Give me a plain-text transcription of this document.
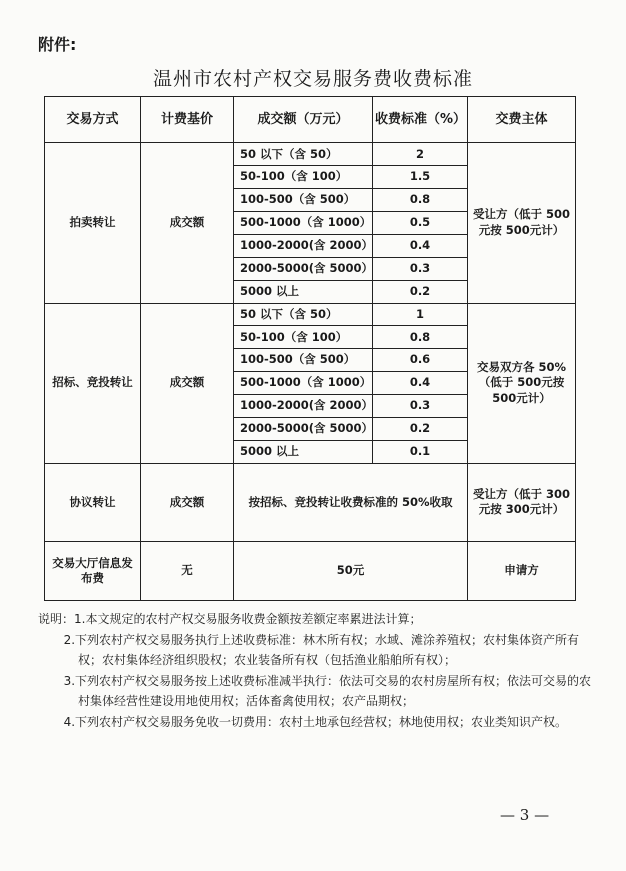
附件:
温州市农村产权交易服务费收费标准
交易方式	计费基价	成交额（万元）	收费标准（%）	交费主体
拍卖转让	成交额	50 以下（含 50）	2	受让方（低于 500元按 500元计）
		50-100（含 100）	1.5	
		100-500（含 500）	0.8	
		500-1000（含 1000）	0.5	
		1000-2000(含 2000）	0.4	
		2000-5000(含 5000）	0.3	
		5000 以上	0.2	
招标、竞投转让	成交额	50 以下（含 50）	1	交易双方各 50%（低于 500元按 500元计）
		50-100（含 100）	0.8	
		100-500（含 500）	0.6	
		500-1000（含 1000）	0.4	
		1000-2000(含 2000）	0.3	
		2000-5000(含 5000）	0.2	
		5000 以上	0.1	
协议转让	成交额	按招标、竞投转让收费标准的 50%收取		受让方（低于 300元按 300元计）
交易大厅信息发布费	无	50元		申请方
说明：1.本文规定的农村产权交易服务收费金额按差额定率累进法计算；
2.下列农村产权交易服务执行上述收费标准：林木所有权；水域、滩涂养殖权；农村集体资产所有权；农村集体经济组织股权；农业装备所有权（包括渔业船舶所有权）；
3.下列农村产权交易服务按上述收费标准减半执行：依法可交易的农村房屋所有权；依法可交易的农村集体经营性建设用地使用权；活体畜禽使用权；农产品期权；
4.下列农村产权交易服务免收一切费用：农村土地承包经营权；林地使用权；农业类知识产权。
— 3 —
